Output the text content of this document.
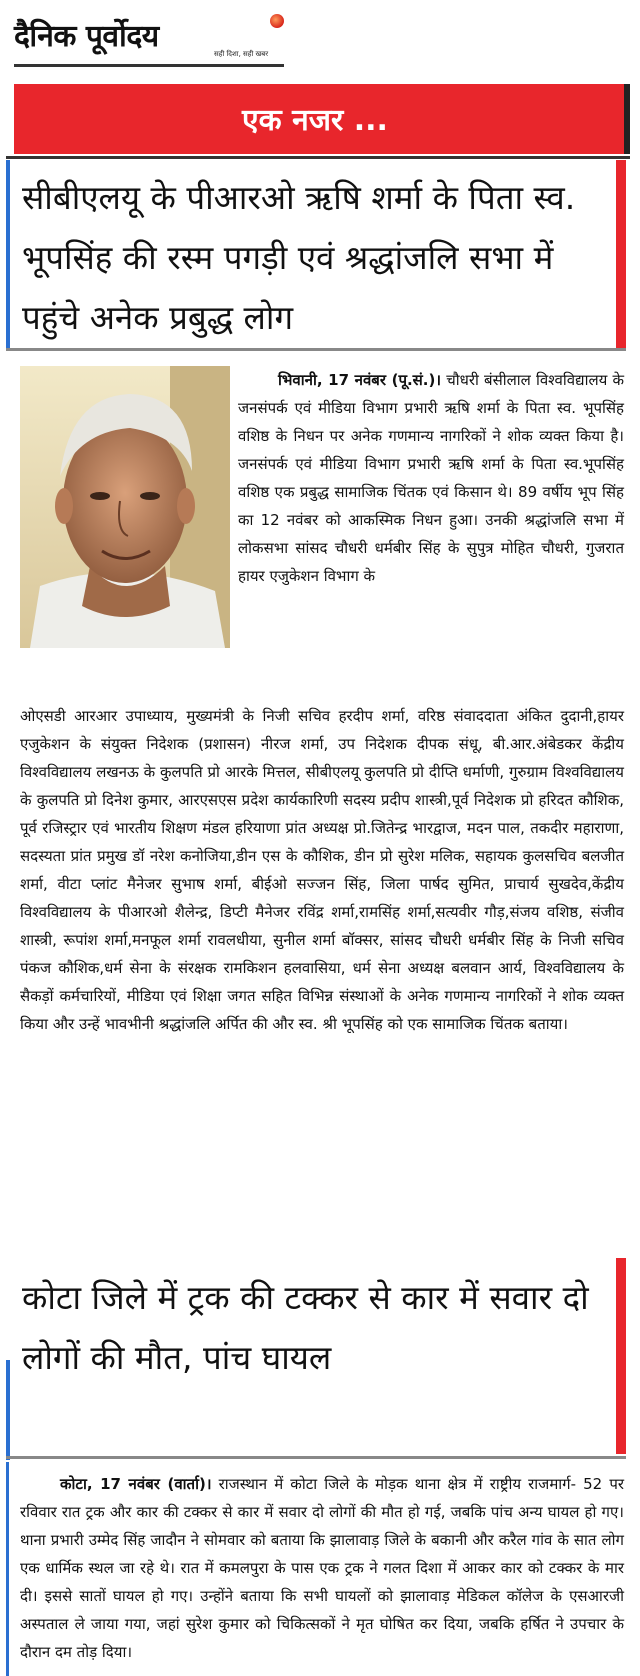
दैनिक पूर्वोदय	सही दिशा, सही खबर
एक नजर ...
सीबीएलयू के पीआरओ ऋषि शर्मा के पिता स्व. भूपसिंह की रस्म पगड़ी एवं श्रद्धांजलि सभा में पहुंचे अनेक प्रबुद्ध लोग

भिवानी, 17 नवंबर (पू.सं.)। चौधरी बंसीलाल विश्वविद्यालय के जनसंपर्क एवं मीडिया विभाग प्रभारी ऋषि शर्मा के पिता स्व. भूपसिंह वशिष्ठ के निधन पर अनेक गणमान्य नागरिकों ने शोक व्यक्त किया है। जनसंपर्क एवं मीडिया विभाग प्रभारी ऋषि शर्मा के पिता स्व.भूपसिंह वशिष्ठ एक प्रबुद्ध सामाजिक चिंतक एवं किसान थे। 89 वर्षीय भूप सिंह का 12 नवंबर को आकस्मिक निधन हुआ। उनकी श्रद्धांजलि सभा में लोकसभा सांसद चौधरी धर्मबीर सिंह के सुपुत्र मोहित चौधरी, गुजरात हायर एजुकेशन विभाग के

ओएसडी आरआर उपाध्याय, मुख्यमंत्री के निजी सचिव हरदीप शर्मा, वरिष्ठ संवाददाता अंकित दुदानी,हायर एजुकेशन के संयुक्त निदेशक (प्रशासन) नीरज शर्मा, उप निदेशक दीपक संधू, बी.आर.अंबेडकर केंद्रीय विश्वविद्यालय लखनऊ के कुलपति प्रो आरके मित्तल, सीबीएलयू कुलपति प्रो दीप्ति धर्माणी, गुरुग्राम विश्वविद्यालय के कुलपति प्रो दिनेश कुमार, आरएसएस प्रदेश कार्यकारिणी सदस्य प्रदीप शास्त्री,पूर्व निदेशक प्रो हरिदत कौशिक, पूर्व रजिस्ट्रार एवं भारतीय शिक्षण मंडल हरियाणा प्रांत अध्यक्ष प्रो.जितेन्द्र भारद्वाज, मदन पाल, तकदीर महाराणा, सदस्यता प्रांत प्रमुख डॉ नरेश कनोजिया,डीन एस के कौशिक, डीन प्रो सुरेश मलिक, सहायक कुलसचिव बलजीत शर्मा, वीटा प्लांट मैनेजर सुभाष शर्मा, बीईओ सज्जन सिंह, जिला पार्षद सुमित, प्राचार्य सुखदेव,केंद्रीय विश्वविद्यालय के पीआरओ शैलेन्द्र, डिप्टी मैनेजर रविंद्र शर्मा,रामसिंह शर्मा,सत्यवीर गौड़,संजय वशिष्ठ, संजीव शास्त्री, रूपांश शर्मा,मनफूल शर्मा रावलधीया, सुनील शर्मा बॉक्सर, सांसद चौधरी धर्मबीर सिंह के निजी सचिव पंकज कौशिक,धर्म सेना के संरक्षक रामकिशन हलवासिया, धर्म सेना अध्यक्ष बलवान आर्य, विश्वविद्यालय के सैकड़ों कर्मचारियों, मीडिया एवं शिक्षा जगत सहित विभिन्न संस्थाओं के अनेक गणमान्य नागरिकों ने शोक व्यक्त किया और उन्हें भावभीनी श्रद्धांजलि अर्पित की और स्व. श्री भूपसिंह को एक सामाजिक चिंतक बताया।

कोटा जिले में ट्रक की टक्कर से कार में सवार दो लोगों की मौत, पांच घायल

कोटा, 17 नवंबर (वार्ता)। राजस्थान में कोटा जिले के मोड़क थाना क्षेत्र में राष्ट्रीय राजमार्ग- 52 पर रविवार रात ट्रक और कार की टक्कर से कार में सवार दो लोगों की मौत हो गई, जबकि पांच अन्य घायल हो गए। थाना प्रभारी उम्मेद सिंह जादौन ने सोमवार को बताया कि झालावाड़ जिले के बकानी और करैल गांव के सात लोग एक धार्मिक स्थल जा रहे थे। रात में कमलपुरा के पास एक ट्रक ने गलत दिशा में आकर कार को टक्कर के मार दी। इससे सातों घायल हो गए। उन्होंने बताया कि सभी घायलों को झालावाड़ मेडिकल कॉलेज के एसआरजी अस्पताल ले जाया गया, जहां सुरेश कुमार को चिकित्सकों ने मृत घोषित कर दिया, जबकि हर्षित ने उपचार के दौरान दम तोड़ दिया।
